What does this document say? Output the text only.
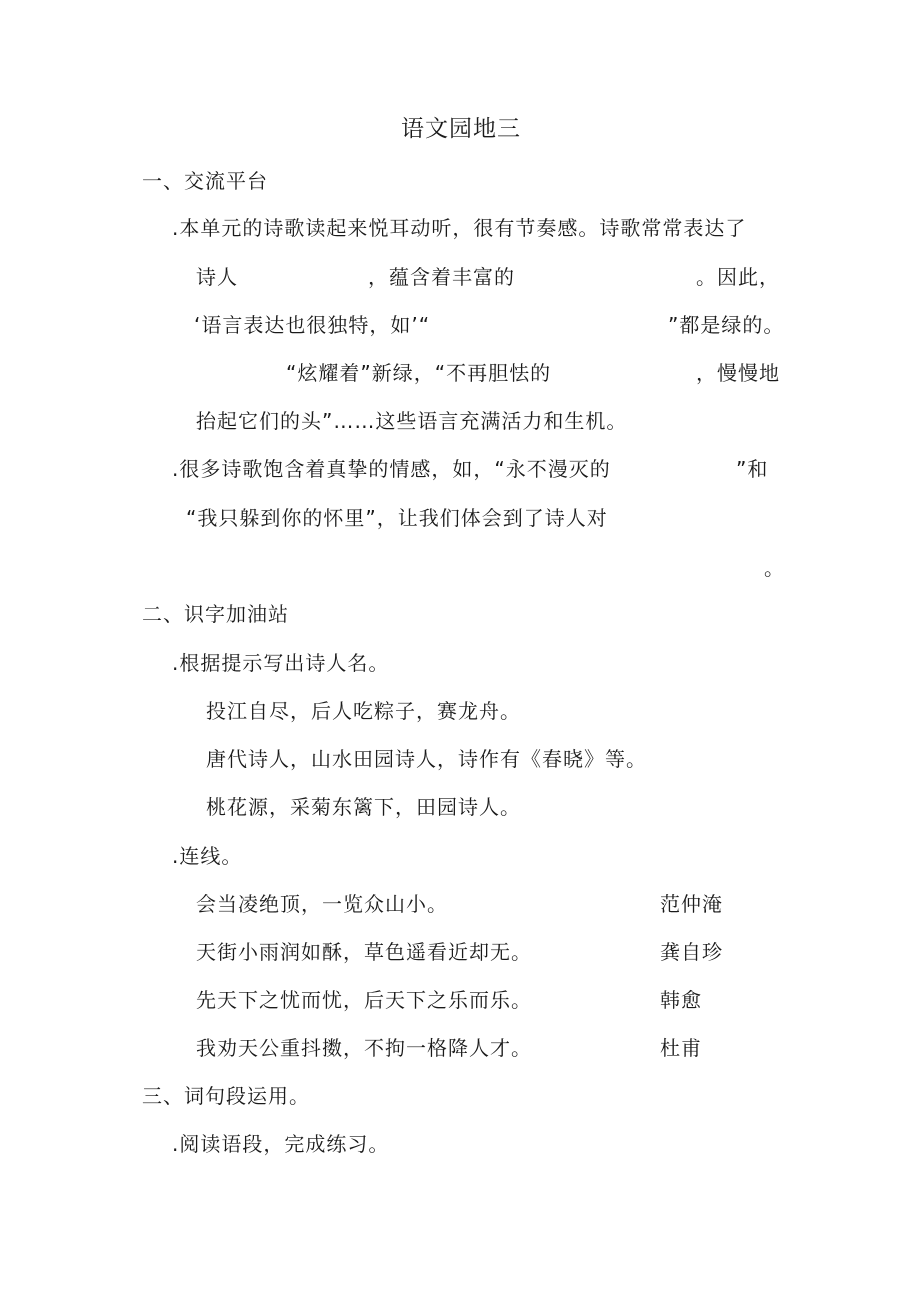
语文园地三
一、交流平台
.本单元的诗歌读起来悦耳动听，很有节奏感。诗歌常常表达了
诗人	，蕴含着丰富的	。因此，
‘语言表达也很独特，如’“	”都是绿的。
“炫耀着”新绿，“不再胆怯的	，慢慢地
抬起它们的头”……这些语言充满活力和生机。
.很多诗歌饱含着真挚的情感，如，“永不漫灭的	”和
“我只躲到你的怀里”，让我们体会到了诗人对
。
二、识字加油站
.根据提示写出诗人名。
投江自尽，后人吃粽子，赛龙舟。
唐代诗人，山水田园诗人，诗作有《春晓》等。
桃花源，采菊东篱下，田园诗人。
.连线。
会当凌绝顶，一览众山小。	范仲淹
天街小雨润如酥，草色遥看近却无。	龚自珍
先天下之忧而忧，后天下之乐而乐。	韩愈
我劝天公重抖擞，不拘一格降人才。	杜甫
三、词句段运用。
.阅读语段，完成练习。
